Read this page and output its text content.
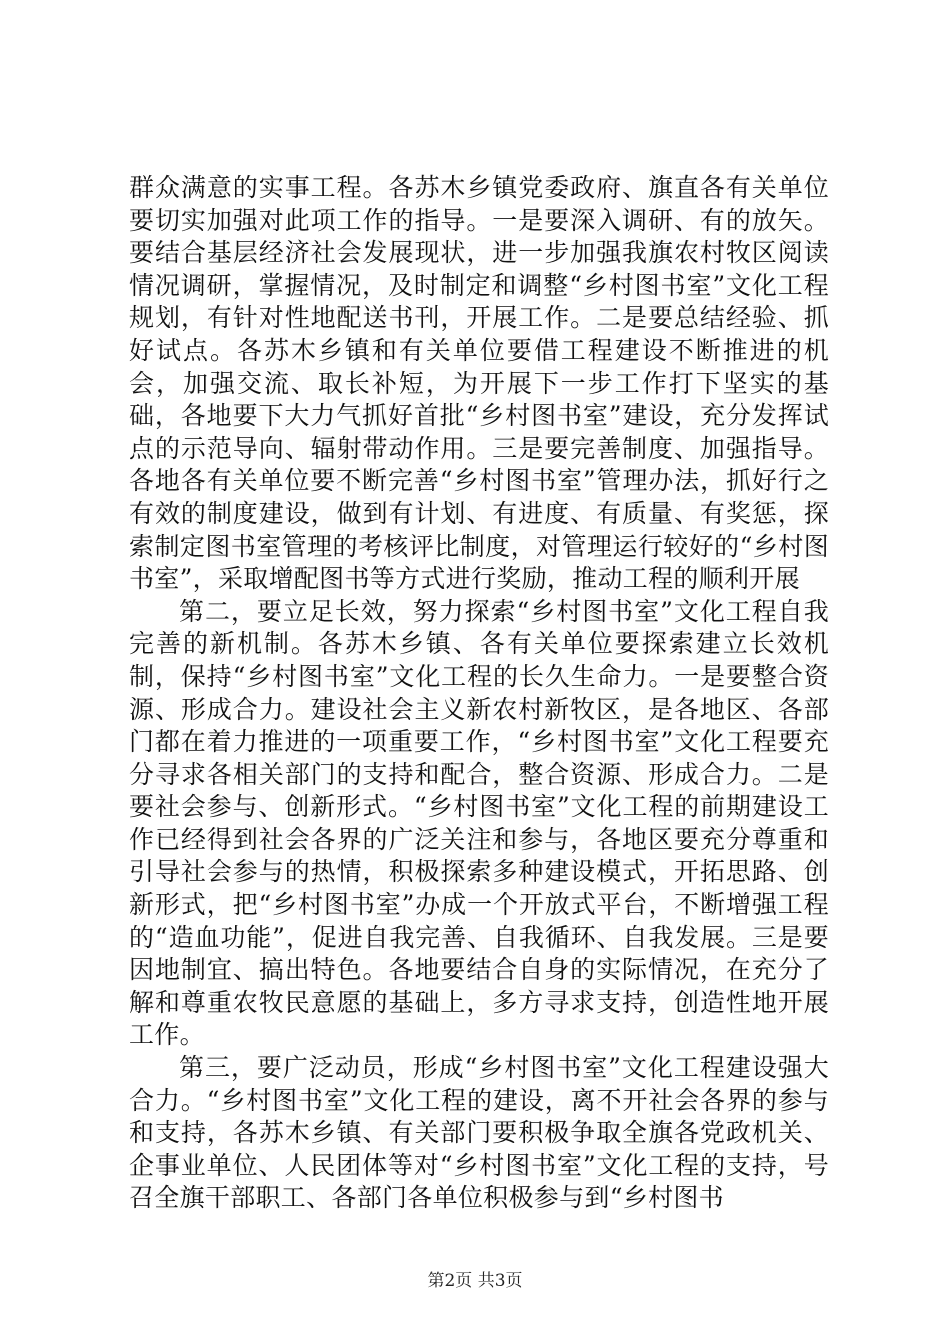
群众满意的实事工程。各苏木乡镇党委政府、旗直各有关单位要切实加强对此项工作的指导。一是要深入调研、有的放矢。要结合基层经济社会发展现状，进一步加强我旗农村牧区阅读情况调研，掌握情况，及时制定和调整“乡村图书室”文化工程规划，有针对性地配送书刊，开展工作。二是要总结经验、抓好试点。各苏木乡镇和有关单位要借工程建设不断推进的机会，加强交流、取长补短，为开展下一步工作打下坚实的基础，各地要下大力气抓好首批“乡村图书室”建设，充分发挥试点的示范导向、辐射带动作用。三是要完善制度、加强指导。各地各有关单位要不断完善“乡村图书室”管理办法，抓好行之有效的制度建设，做到有计划、有进度、有质量、有奖惩，探索制定图书室管理的考核评比制度，对管理运行较好的“乡村图书室”，采取增配图书等方式进行奖励，推动工程的顺利开展

第二，要立足长效，努力探索“乡村图书室”文化工程自我完善的新机制。各苏木乡镇、各有关单位要探索建立长效机制，保持“乡村图书室”文化工程的长久生命力。一是要整合资源、形成合力。建设社会主义新农村新牧区，是各地区、各部门都在着力推进的一项重要工作，“乡村图书室”文化工程要充分寻求各相关部门的支持和配合，整合资源、形成合力。二是要社会参与、创新形式。“乡村图书室”文化工程的前期建设工作已经得到社会各界的广泛关注和参与，各地区要充分尊重和引导社会参与的热情，积极探索多种建设模式，开拓思路、创新形式，把“乡村图书室”办成一个开放式平台，不断增强工程的“造血功能”，促进自我完善、自我循环、自我发展。三是要因地制宜、搞出特色。各地要结合自身的实际情况，在充分了解和尊重农牧民意愿的基础上，多方寻求支持，创造性地开展工作。

第三，要广泛动员，形成“乡村图书室”文化工程建设强大合力。“乡村图书室”文化工程的建设，离不开社会各界的参与和支持，各苏木乡镇、有关部门要积极争取全旗各党政机关、企事业单位、人民团体等对“乡村图书室”文化工程的支持，号召全旗干部职工、各部门各单位积极参与到“乡村图书

第2页 共3页
